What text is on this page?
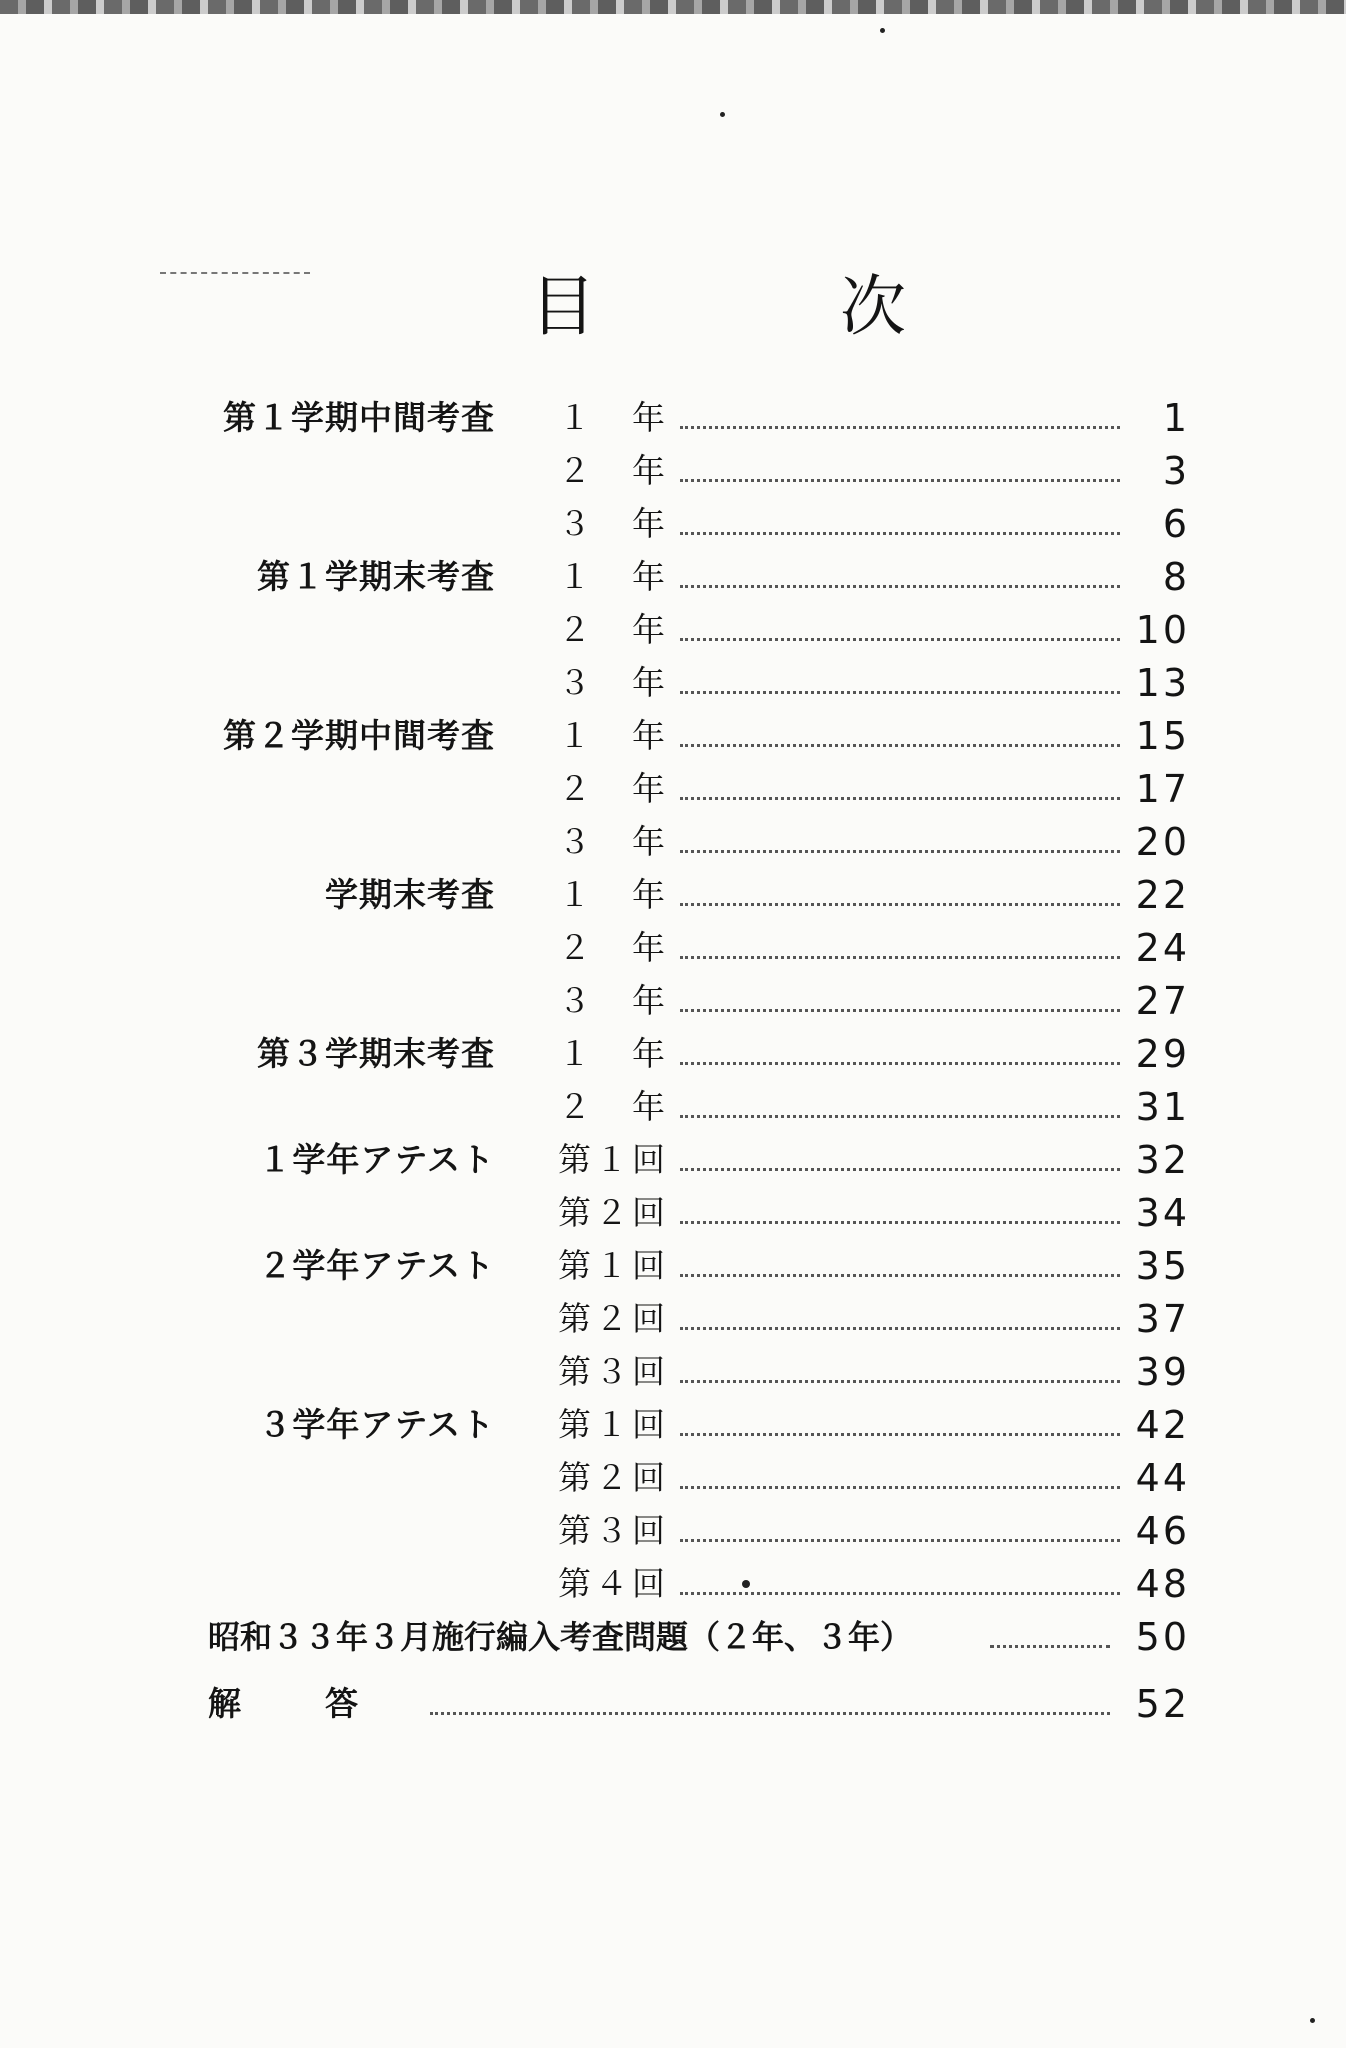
目	次
第１学期中間考査 １　年	1
２　年	3
３　年	6
第１学期末考査 １　年	8
２　年	10
３　年	13
第２学期中間考査 １　年	15
２　年	17
３　年	20
学期末考査 １　年	22
２　年	24
３　年	27
第３学期末考査 １　年	29
２　年	31
１学年アテスト 第１回	32
第２回	34
２学年アテスト 第１回	35
第２回	37
第３回	39
３学年アテスト 第１回	42
第２回	44
第３回	46
第４回	48
昭和３３年３月施行編入考査問題（２年、３年）	50
解　　答	52
